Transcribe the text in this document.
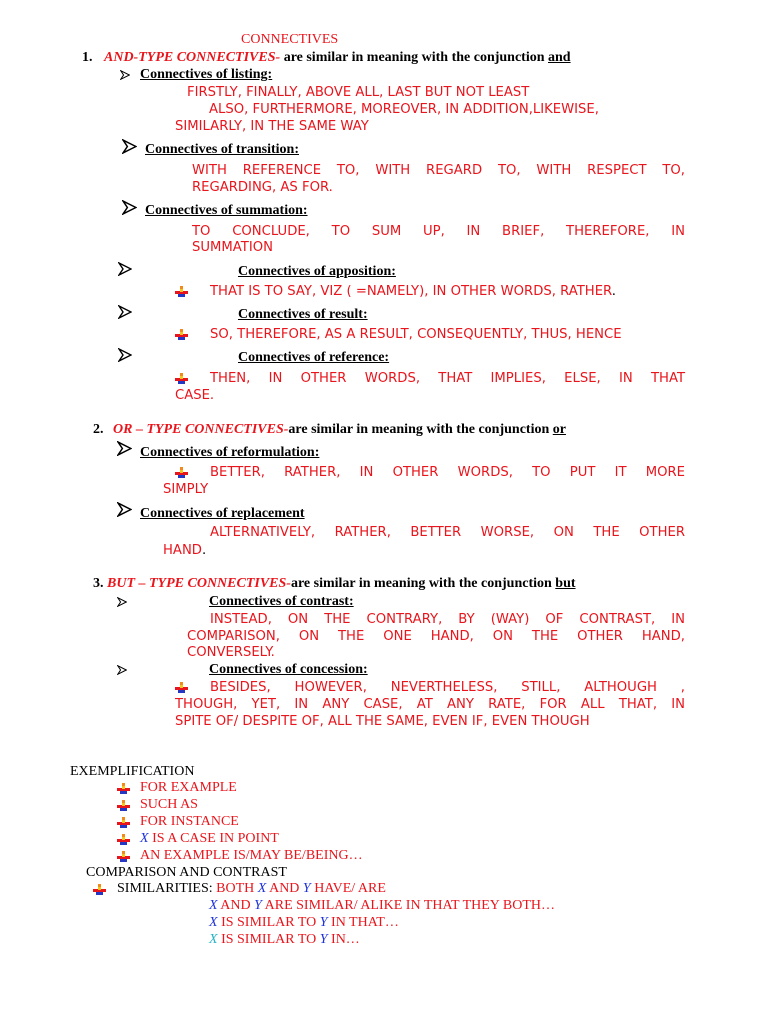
CONNECTIVES
1. AND-TYPE CONNECTIVES- are similar in meaning with the conjunction and
Connectives of listing:
FIRSTLY, FINALLY, ABOVE ALL, LAST BUT NOT LEAST
ALSO, FURTHERMORE, MOREOVER, IN ADDITION,LIKEWISE,
SIMILARLY, IN THE SAME WAY
Connectives of transition:
WITH REFERENCE TO, WITH REGARD TO, WITH RESPECT TO,
REGARDING, AS FOR.
Connectives of summation:
TO CONCLUDE, TO SUM UP, IN BRIEF, THEREFORE, IN
SUMMATION
Connectives of apposition:
THAT IS TO SAY, VIZ ( =NAMELY), IN OTHER WORDS, RATHER.
Connectives of result:
SO, THEREFORE, AS A RESULT, CONSEQUENTLY, THUS, HENCE
Connectives of reference:
THEN, IN OTHER WORDS, THAT IMPLIES, ELSE, IN THAT
CASE.
2. OR – TYPE CONNECTIVES-are similar in meaning with the conjunction or
Connectives of reformulation:
BETTER, RATHER, IN OTHER WORDS, TO PUT IT MORE
SIMPLY
Connectives of replacement
ALTERNATIVELY, RATHER, BETTER WORSE, ON THE OTHER
HAND.
3. BUT – TYPE CONNECTIVES-are similar in meaning with the conjunction but
Connectives of contrast:
INSTEAD, ON THE CONTRARY, BY (WAY) OF CONTRAST, IN
COMPARISON, ON THE ONE HAND, ON THE OTHER HAND,
CONVERSELY.
Connectives of concession:
BESIDES, HOWEVER, NEVERTHELESS, STILL, ALTHOUGH ,
THOUGH, YET, IN ANY CASE, AT ANY RATE, FOR ALL THAT, IN
SPITE OF/ DESPITE OF, ALL THE SAME, EVEN IF, EVEN THOUGH
EXEMPLIFICATION
FOR EXAMPLE
SUCH AS
FOR INSTANCE
X IS A CASE IN POINT
AN EXAMPLE IS/MAY BE/BEING…
COMPARISON AND CONTRAST
SIMILARITIES: BOTH X AND Y HAVE/ ARE
X AND Y ARE SIMILAR/ ALIKE IN THAT THEY BOTH…
X IS SIMILAR TO Y IN THAT…
X IS SIMILAR TO Y IN…
